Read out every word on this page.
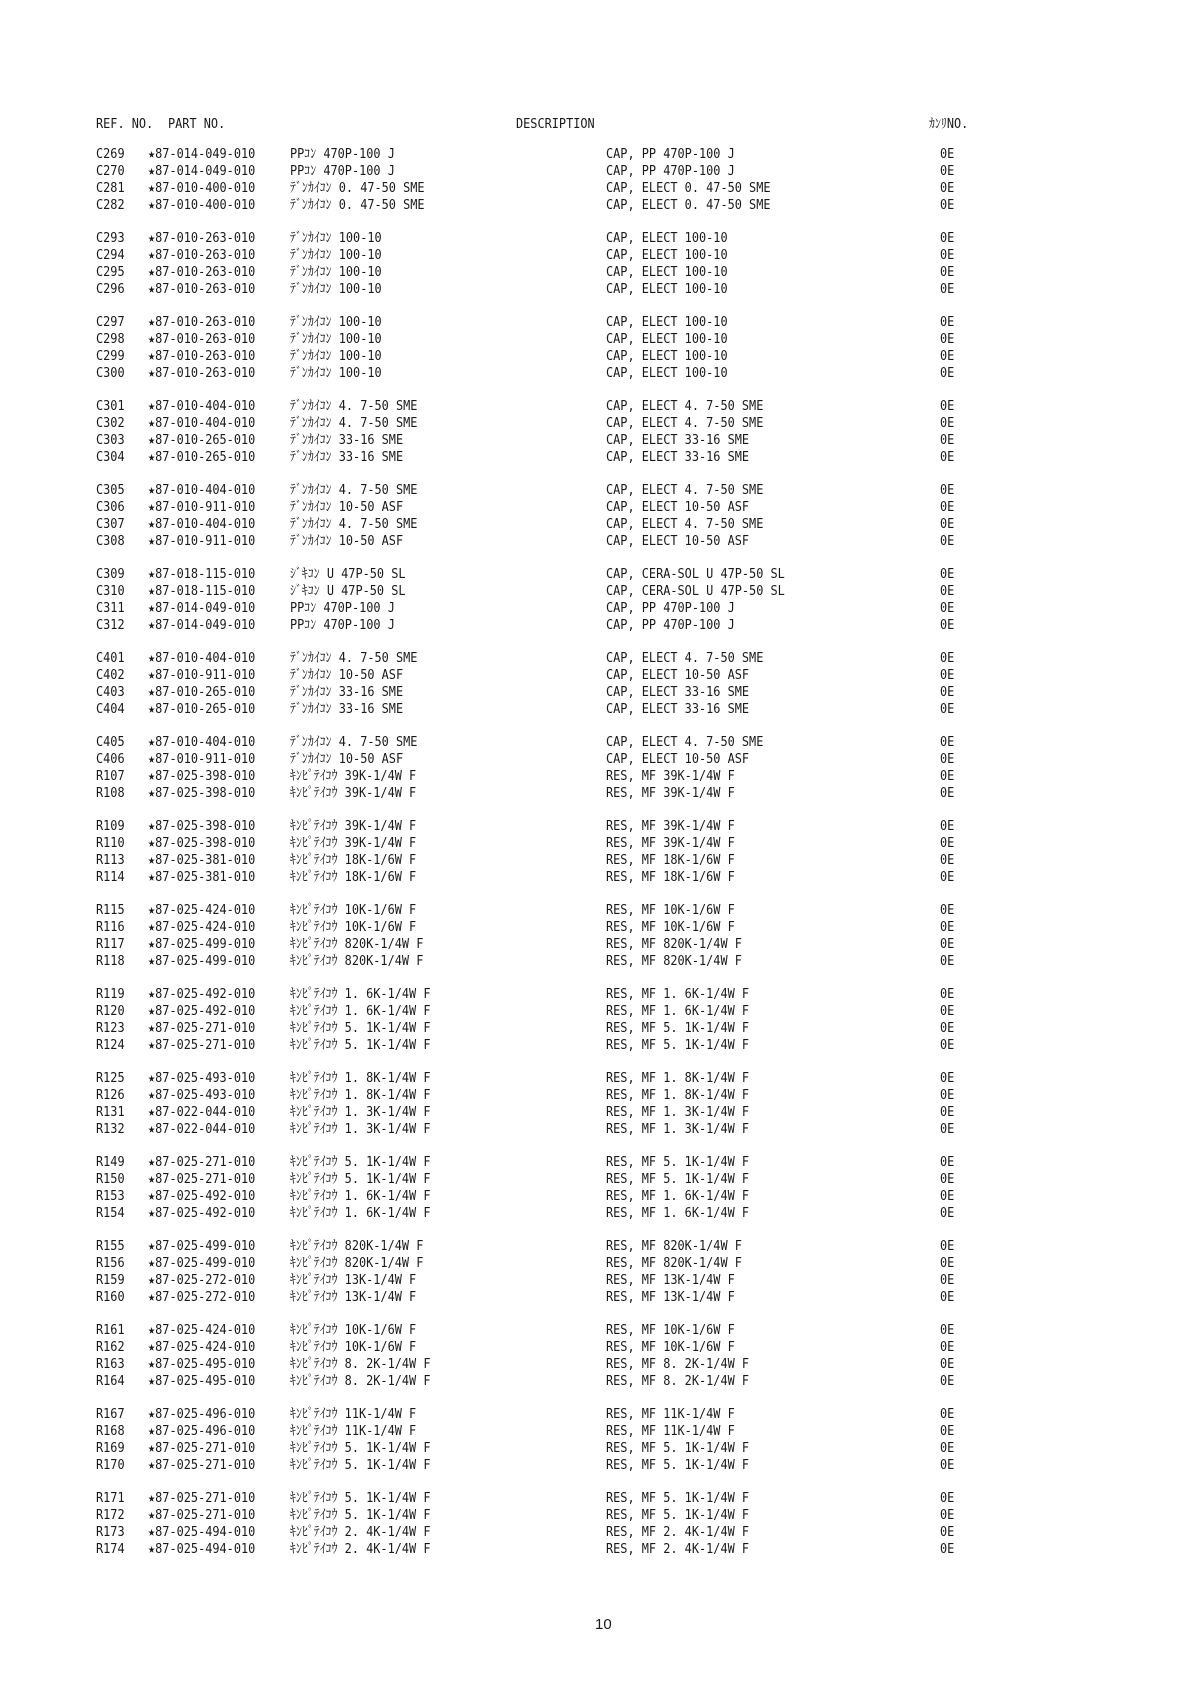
REF. NO. PART NO.	DESCRIPTION	ｶﾝﾘNO.
C269 ★87-014-049-010	PPｺﾝ 470P-100 J	CAP, PP 470P-100 J	0E
C270 ★87-014-049-010	PPｺﾝ 470P-100 J	CAP, PP 470P-100 J	0E
C281 ★87-010-400-010	ﾃﾞﾝｶｲｺﾝ 0. 47-50 SME	CAP, ELECT 0. 47-50 SME	0E
C282 ★87-010-400-010	ﾃﾞﾝｶｲｺﾝ 0. 47-50 SME	CAP, ELECT 0. 47-50 SME	0E
C293 ★87-010-263-010	ﾃﾞﾝｶｲｺﾝ 100-10	CAP, ELECT 100-10	0E
C294 ★87-010-263-010	ﾃﾞﾝｶｲｺﾝ 100-10	CAP, ELECT 100-10	0E
C295 ★87-010-263-010	ﾃﾞﾝｶｲｺﾝ 100-10	CAP, ELECT 100-10	0E
C296 ★87-010-263-010	ﾃﾞﾝｶｲｺﾝ 100-10	CAP, ELECT 100-10	0E
C297 ★87-010-263-010	ﾃﾞﾝｶｲｺﾝ 100-10	CAP, ELECT 100-10	0E
C298 ★87-010-263-010	ﾃﾞﾝｶｲｺﾝ 100-10	CAP, ELECT 100-10	0E
C299 ★87-010-263-010	ﾃﾞﾝｶｲｺﾝ 100-10	CAP, ELECT 100-10	0E
C300 ★87-010-263-010	ﾃﾞﾝｶｲｺﾝ 100-10	CAP, ELECT 100-10	0E
C301 ★87-010-404-010	ﾃﾞﾝｶｲｺﾝ 4. 7-50 SME	CAP, ELECT 4. 7-50 SME	0E
C302 ★87-010-404-010	ﾃﾞﾝｶｲｺﾝ 4. 7-50 SME	CAP, ELECT 4. 7-50 SME	0E
C303 ★87-010-265-010	ﾃﾞﾝｶｲｺﾝ 33-16 SME	CAP, ELECT 33-16 SME	0E
C304 ★87-010-265-010	ﾃﾞﾝｶｲｺﾝ 33-16 SME	CAP, ELECT 33-16 SME	0E
C305 ★87-010-404-010	ﾃﾞﾝｶｲｺﾝ 4. 7-50 SME	CAP, ELECT 4. 7-50 SME	0E
C306 ★87-010-911-010	ﾃﾞﾝｶｲｺﾝ 10-50 ASF	CAP, ELECT 10-50 ASF	0E
C307 ★87-010-404-010	ﾃﾞﾝｶｲｺﾝ 4. 7-50 SME	CAP, ELECT 4. 7-50 SME	0E
C308 ★87-010-911-010	ﾃﾞﾝｶｲｺﾝ 10-50 ASF	CAP, ELECT 10-50 ASF	0E
C309 ★87-018-115-010	ｼﾞｷｺﾝ U 47P-50 SL	CAP, CERA-SOL U 47P-50 SL	0E
C310 ★87-018-115-010	ｼﾞｷｺﾝ U 47P-50 SL	CAP, CERA-SOL U 47P-50 SL	0E
C311 ★87-014-049-010	PPｺﾝ 470P-100 J	CAP, PP 470P-100 J	0E
C312 ★87-014-049-010	PPｺﾝ 470P-100 J	CAP, PP 470P-100 J	0E
C401 ★87-010-404-010	ﾃﾞﾝｶｲｺﾝ 4. 7-50 SME	CAP, ELECT 4. 7-50 SME	0E
C402 ★87-010-911-010	ﾃﾞﾝｶｲｺﾝ 10-50 ASF	CAP, ELECT 10-50 ASF	0E
C403 ★87-010-265-010	ﾃﾞﾝｶｲｺﾝ 33-16 SME	CAP, ELECT 33-16 SME	0E
C404 ★87-010-265-010	ﾃﾞﾝｶｲｺﾝ 33-16 SME	CAP, ELECT 33-16 SME	0E
C405 ★87-010-404-010	ﾃﾞﾝｶｲｺﾝ 4. 7-50 SME	CAP, ELECT 4. 7-50 SME	0E
C406 ★87-010-911-010	ﾃﾞﾝｶｲｺﾝ 10-50 ASF	CAP, ELECT 10-50 ASF	0E
R107 ★87-025-398-010	ｷﾝﾋﾟﾃｲｺｳ 39K-1/4W F	RES, MF 39K-1/4W F	0E
R108 ★87-025-398-010	ｷﾝﾋﾟﾃｲｺｳ 39K-1/4W F	RES, MF 39K-1/4W F	0E
R109 ★87-025-398-010	ｷﾝﾋﾟﾃｲｺｳ 39K-1/4W F	RES, MF 39K-1/4W F	0E
R110 ★87-025-398-010	ｷﾝﾋﾟﾃｲｺｳ 39K-1/4W F	RES, MF 39K-1/4W F	0E
R113 ★87-025-381-010	ｷﾝﾋﾟﾃｲｺｳ 18K-1/6W F	RES, MF 18K-1/6W F	0E
R114 ★87-025-381-010	ｷﾝﾋﾟﾃｲｺｳ 18K-1/6W F	RES, MF 18K-1/6W F	0E
R115 ★87-025-424-010	ｷﾝﾋﾟﾃｲｺｳ 10K-1/6W F	RES, MF 10K-1/6W F	0E
R116 ★87-025-424-010	ｷﾝﾋﾟﾃｲｺｳ 10K-1/6W F	RES, MF 10K-1/6W F	0E
R117 ★87-025-499-010	ｷﾝﾋﾟﾃｲｺｳ 820K-1/4W F	RES, MF 820K-1/4W F	0E
R118 ★87-025-499-010	ｷﾝﾋﾟﾃｲｺｳ 820K-1/4W F	RES, MF 820K-1/4W F	0E
R119 ★87-025-492-010	ｷﾝﾋﾟﾃｲｺｳ 1. 6K-1/4W F	RES, MF 1. 6K-1/4W F	0E
R120 ★87-025-492-010	ｷﾝﾋﾟﾃｲｺｳ 1. 6K-1/4W F	RES, MF 1. 6K-1/4W F	0E
R123 ★87-025-271-010	ｷﾝﾋﾟﾃｲｺｳ 5. 1K-1/4W F	RES, MF 5. 1K-1/4W F	0E
R124 ★87-025-271-010	ｷﾝﾋﾟﾃｲｺｳ 5. 1K-1/4W F	RES, MF 5. 1K-1/4W F	0E
R125 ★87-025-493-010	ｷﾝﾋﾟﾃｲｺｳ 1. 8K-1/4W F	RES, MF 1. 8K-1/4W F	0E
R126 ★87-025-493-010	ｷﾝﾋﾟﾃｲｺｳ 1. 8K-1/4W F	RES, MF 1. 8K-1/4W F	0E
R131 ★87-022-044-010	ｷﾝﾋﾟﾃｲｺｳ 1. 3K-1/4W F	RES, MF 1. 3K-1/4W F	0E
R132 ★87-022-044-010	ｷﾝﾋﾟﾃｲｺｳ 1. 3K-1/4W F	RES, MF 1. 3K-1/4W F	0E
R149 ★87-025-271-010	ｷﾝﾋﾟﾃｲｺｳ 5. 1K-1/4W F	RES, MF 5. 1K-1/4W F	0E
R150 ★87-025-271-010	ｷﾝﾋﾟﾃｲｺｳ 5. 1K-1/4W F	RES, MF 5. 1K-1/4W F	0E
R153 ★87-025-492-010	ｷﾝﾋﾟﾃｲｺｳ 1. 6K-1/4W F	RES, MF 1. 6K-1/4W F	0E
R154 ★87-025-492-010	ｷﾝﾋﾟﾃｲｺｳ 1. 6K-1/4W F	RES, MF 1. 6K-1/4W F	0E
R155 ★87-025-499-010	ｷﾝﾋﾟﾃｲｺｳ 820K-1/4W F	RES, MF 820K-1/4W F	0E
R156 ★87-025-499-010	ｷﾝﾋﾟﾃｲｺｳ 820K-1/4W F	RES, MF 820K-1/4W F	0E
R159 ★87-025-272-010	ｷﾝﾋﾟﾃｲｺｳ 13K-1/4W F	RES, MF 13K-1/4W F	0E
R160 ★87-025-272-010	ｷﾝﾋﾟﾃｲｺｳ 13K-1/4W F	RES, MF 13K-1/4W F	0E
R161 ★87-025-424-010	ｷﾝﾋﾟﾃｲｺｳ 10K-1/6W F	RES, MF 10K-1/6W F	0E
R162 ★87-025-424-010	ｷﾝﾋﾟﾃｲｺｳ 10K-1/6W F	RES, MF 10K-1/6W F	0E
R163 ★87-025-495-010	ｷﾝﾋﾟﾃｲｺｳ 8. 2K-1/4W F	RES, MF 8. 2K-1/4W F	0E
R164 ★87-025-495-010	ｷﾝﾋﾟﾃｲｺｳ 8. 2K-1/4W F	RES, MF 8. 2K-1/4W F	0E
R167 ★87-025-496-010	ｷﾝﾋﾟﾃｲｺｳ 11K-1/4W F	RES, MF 11K-1/4W F	0E
R168 ★87-025-496-010	ｷﾝﾋﾟﾃｲｺｳ 11K-1/4W F	RES, MF 11K-1/4W F	0E
R169 ★87-025-271-010	ｷﾝﾋﾟﾃｲｺｳ 5. 1K-1/4W F	RES, MF 5. 1K-1/4W F	0E
R170 ★87-025-271-010	ｷﾝﾋﾟﾃｲｺｳ 5. 1K-1/4W F	RES, MF 5. 1K-1/4W F	0E
R171 ★87-025-271-010	ｷﾝﾋﾟﾃｲｺｳ 5. 1K-1/4W F	RES, MF 5. 1K-1/4W F	0E
R172 ★87-025-271-010	ｷﾝﾋﾟﾃｲｺｳ 5. 1K-1/4W F	RES, MF 5. 1K-1/4W F	0E
R173 ★87-025-494-010	ｷﾝﾋﾟﾃｲｺｳ 2. 4K-1/4W F	RES, MF 2. 4K-1/4W F	0E
R174 ★87-025-494-010	ｷﾝﾋﾟﾃｲｺｳ 2. 4K-1/4W F	RES, MF 2. 4K-1/4W F	0E
10
